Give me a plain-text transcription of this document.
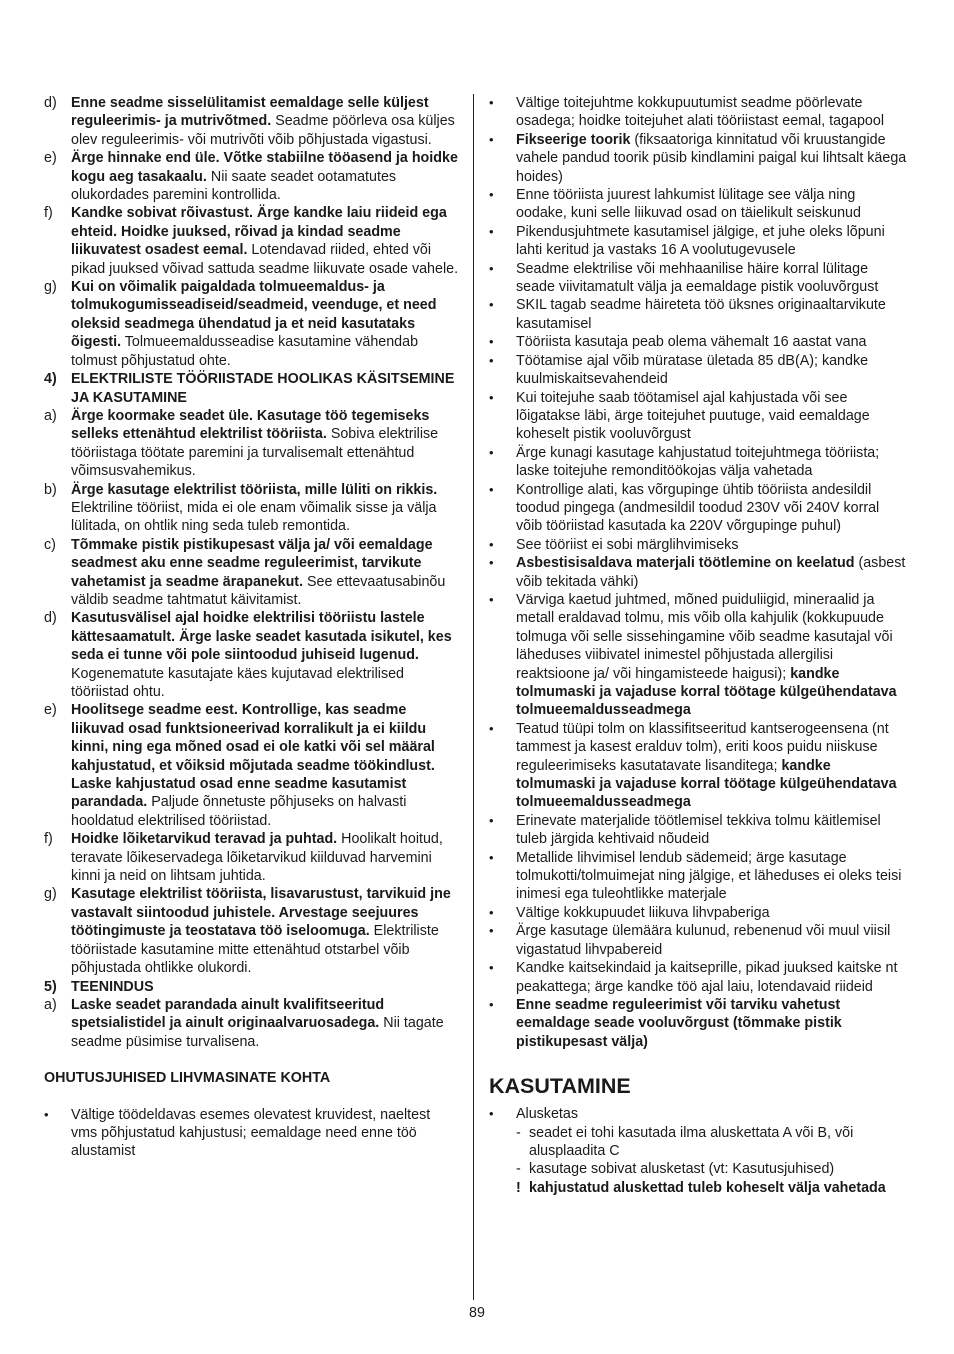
d) Enne seadme sisselülitamist eemaldage selle küljest reguleerimis- ja mutrivõtmed. Seadme pöörleva osa küljes olev reguleerimis- või mutrivõti võib põhjustada vigastusi.
e) Ärge hinnake end üle. Võtke stabiilne tööasend ja hoidke kogu aeg tasakaalu. Nii saate seadet ootamatutes olukordades paremini kontrollida.
f)	Kandke sobivat rõivastust. Ärge kandke laiu riideid ega ehteid. Hoidke juuksed, rõivad ja kindad seadme liikuvatest osadest eemal. Lotendavad riided, ehted või pikad juuksed võivad sattuda seadme liikuvate osade vahele.
g) Kui on võimalik paigaldada tolmueemaldus- ja tolmukogumisseadiseid/seadmeid, veenduge, et need oleksid seadmega ühendatud ja et neid kasutataks õigesti. Tolmueemaldusseadise kasutamine vähendab tolmust põhjustatud ohte.
4) ELEKTRILISTE TÖÖRIISTADE HOOLIKAS KÄSITSEMINE JA KASUTAMINE
a) Ärge koormake seadet üle. Kasutage töö tegemiseks selleks ettenähtud elektrilist tööriista. Sobiva elektrilise tööriistaga töötate paremini ja turvalisemalt ettenähtud võimsusvahemikus.
b) Ärge kasutage elektrilist tööriista, mille lüliti on rikkis. Elektriline tööriist, mida ei ole enam võimalik sisse ja välja lülitada, on ohtlik ning seda tuleb remontida.
c)	Tõmmake pistik pistikupesast välja ja/ või eemaldage seadmest aku enne seadme reguleerimist, tarvikute vahetamist ja seadme ärapanekut. See ettevaatusabinõu väldib seadme tahtmatut käivitamist.
d) Kasutusvälisel ajal hoidke elektrilisi tööriistu lastele kättesaamatult. Ärge laske seadet kasutada isikutel, kes seda ei tunne või pole siintoodud juhiseid lugenud. Kogenematute kasutajate käes kujutavad elektrilised tööriistad ohtu.
e) Hoolitsege seadme eest. Kontrollige, kas seadme liikuvad osad funktsioneerivad korralikult ja ei kiildu kinni, ning ega mõned osad ei ole katki või sel määral kahjustatud, et võiksid mõjutada seadme töökindlust. Laske kahjustatud osad enne seadme kasutamist parandada. Paljude õnnetuste põhjuseks on halvasti hooldatud elektrilised tööriistad.
f)	Hoidke lõiketarvikud teravad ja puhtad. Hoolikalt hoitud, teravate lõikeservadega lõiketarvikud kiilduvad harvemini kinni ja neid on lihtsam juhtida.
g) Kasutage elektrilist tööriista, lisavarustust, tarvikuid jne vastavalt siintoodud juhistele. Arvestage seejuures töötingimuste ja teostatava töö iseloomuga. Elektriliste tööriistade kasutamine mitte ettenähtud otstarbel võib põhjustada ohtlikke olukordi.
5) TEENINDUS
a) Laske seadet parandada ainult kvalifitseeritud spetsialistidel ja ainult originaalvaruosadega. Nii tagate seadme püsimise turvalisena.
OHUTUSJUHISED LIHVMASINATE KOHTA
•	Vältige töödeldavas esemes olevatest kruvidest, naeltest vms põhjustatud kahjustusi; eemaldage need enne töö alustamist
•	Vältige toitejuhtme kokkupuutumist seadme pöörlevate osadega; hoidke toitejuhet alati tööriistast eemal, tagapool
•	Fikseerige toorik (fiksaatoriga kinnitatud või kruustangide vahele pandud toorik püsib kindlamini paigal kui lihtsalt käega hoides)
•	Enne tööriista juurest lahkumist lülitage see välja ning oodake, kuni selle liikuvad osad on täielikult seiskunud
•	Pikendusjuhtmete kasutamisel jälgige, et juhe oleks lõpuni lahti keritud ja vastaks 16 A voolutugevusele
•	Seadme elektrilise või mehhaanilise häire korral lülitage seade viivitamatult välja ja eemaldage pistik vooluvõrgust
•	SKIL tagab seadme häireteta töö üksnes originaaltarvikute kasutamisel
•	Tööriista kasutaja peab olema vähemalt 16 aastat vana
•	Töötamise ajal võib müratase ületada 85 dB(A); kandke kuulmiskaitsevahendeid
•	Kui toitejuhe saab töötamisel ajal kahjustada või see lõigatakse läbi, ärge toitejuhet puutuge, vaid eemaldage koheselt pistik vooluvõrgust
•	Ärge kunagi kasutage kahjustatud toitejuhtmega tööriista; laske toitejuhe remonditöökojas välja vahetada
•	Kontrollige alati, kas võrgupinge ühtib tööriista andesildil toodud pingega (andmesildil toodud 230V või 240V korral võib tööriistad kasutada ka 220V võrgupinge puhul)
•	See tööriist ei sobi märglihvimiseks
•	Asbestisisaldava materjali töötlemine on keelatud (asbest võib tekitada vähki)
•	Värviga kaetud juhtmed, mõned puiduliigid, mineraalid ja metall eraldavad tolmu, mis võib olla kahjulik (kokkupuude tolmuga või selle sissehingamine võib seadme kasutajal või läheduses viibivatel inimestel põhjustada allergilisi reaktsioone ja/ või hingamisteede haigusi); kandke tolmumaski ja vajaduse korral töötage külgeühendatava tolmueemaldusseadmega
•	Teatud tüüpi tolm on klassifitseeritud kantserogeensena (nt tammest ja kasest eralduv tolm), eriti koos puidu niiskuse reguleerimiseks kasutatavate lisanditega; kandke tolmumaski ja vajaduse korral töötage külgeühendatava tolmueemaldusseadmega
•	Erinevate materjalide töötlemisel tekkiva tolmu käitlemisel tuleb järgida kehtivaid nõudeid
•	Metallide lihvimisel lendub sädemeid; ärge kasutage tolmukotti/tolmuimejat ning jälgige, et läheduses ei oleks teisi inimesi ega tuleohtlikke materjale
•	Vältige kokkupuudet liikuva lihvpaberiga
•	Ärge kasutage ülemäära kulunud, rebenenud või muul viisil vigastatud lihvpabereid
•	Kandke kaitsekindaid ja kaitseprille, pikad juuksed kaitske nt peakattega; ärge kandke töö ajal laiu, lotendavaid riideid
•	Enne seadme reguleerimist või tarviku vahetust eemaldage seade vooluvõrgust (tõmmake pistik pistikupesast välja)
KASUTAMINE
•	Alusketas
- seadet ei tohi kasutada ilma aluskettata A või B, või alusplaadita C
- kasutage sobivat alusketast (vt: Kasutusjuhised)
! kahjustatud aluskettad tuleb koheselt välja vahetada
89
